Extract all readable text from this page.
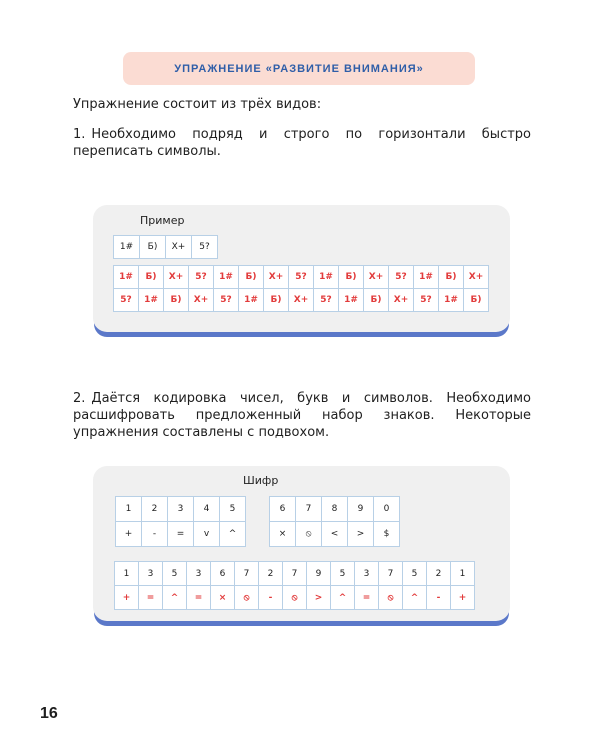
УПРАЖНЕНИЕ «РАЗВИТИЕ ВНИМАНИЯ»
Упражнение состоит из трёх видов:
1. Необходимо подряд и строго по горизонтали быстро переписать символы.
Пример
1#	Б)	Х+	5?
1#	Б)	Х+	5?	1#	Б)	Х+	5?	1#	Б)	Х+	5?	1#	Б)	Х+
5?	1#	Б)	Х+	5?	1#	Б)	Х+	5?	1#	Б)	Х+	5?	1#	Б)
2. Даётся кодировка чисел, букв и символов. Необходимо расшифровать предложенный набор знаков. Некоторые упражнения составлены с подвохом.
Шифр
1	2	3	4	5
+	-	=	v	^
6	7	8	9	0
×	⦸	<	>	$
1	3	5	3	6	7	2	7	9	5	3	7	5	2	1
+	=	^	=	×	⦸	-	⦸	>	^	=	⦸	^	-	+
16
